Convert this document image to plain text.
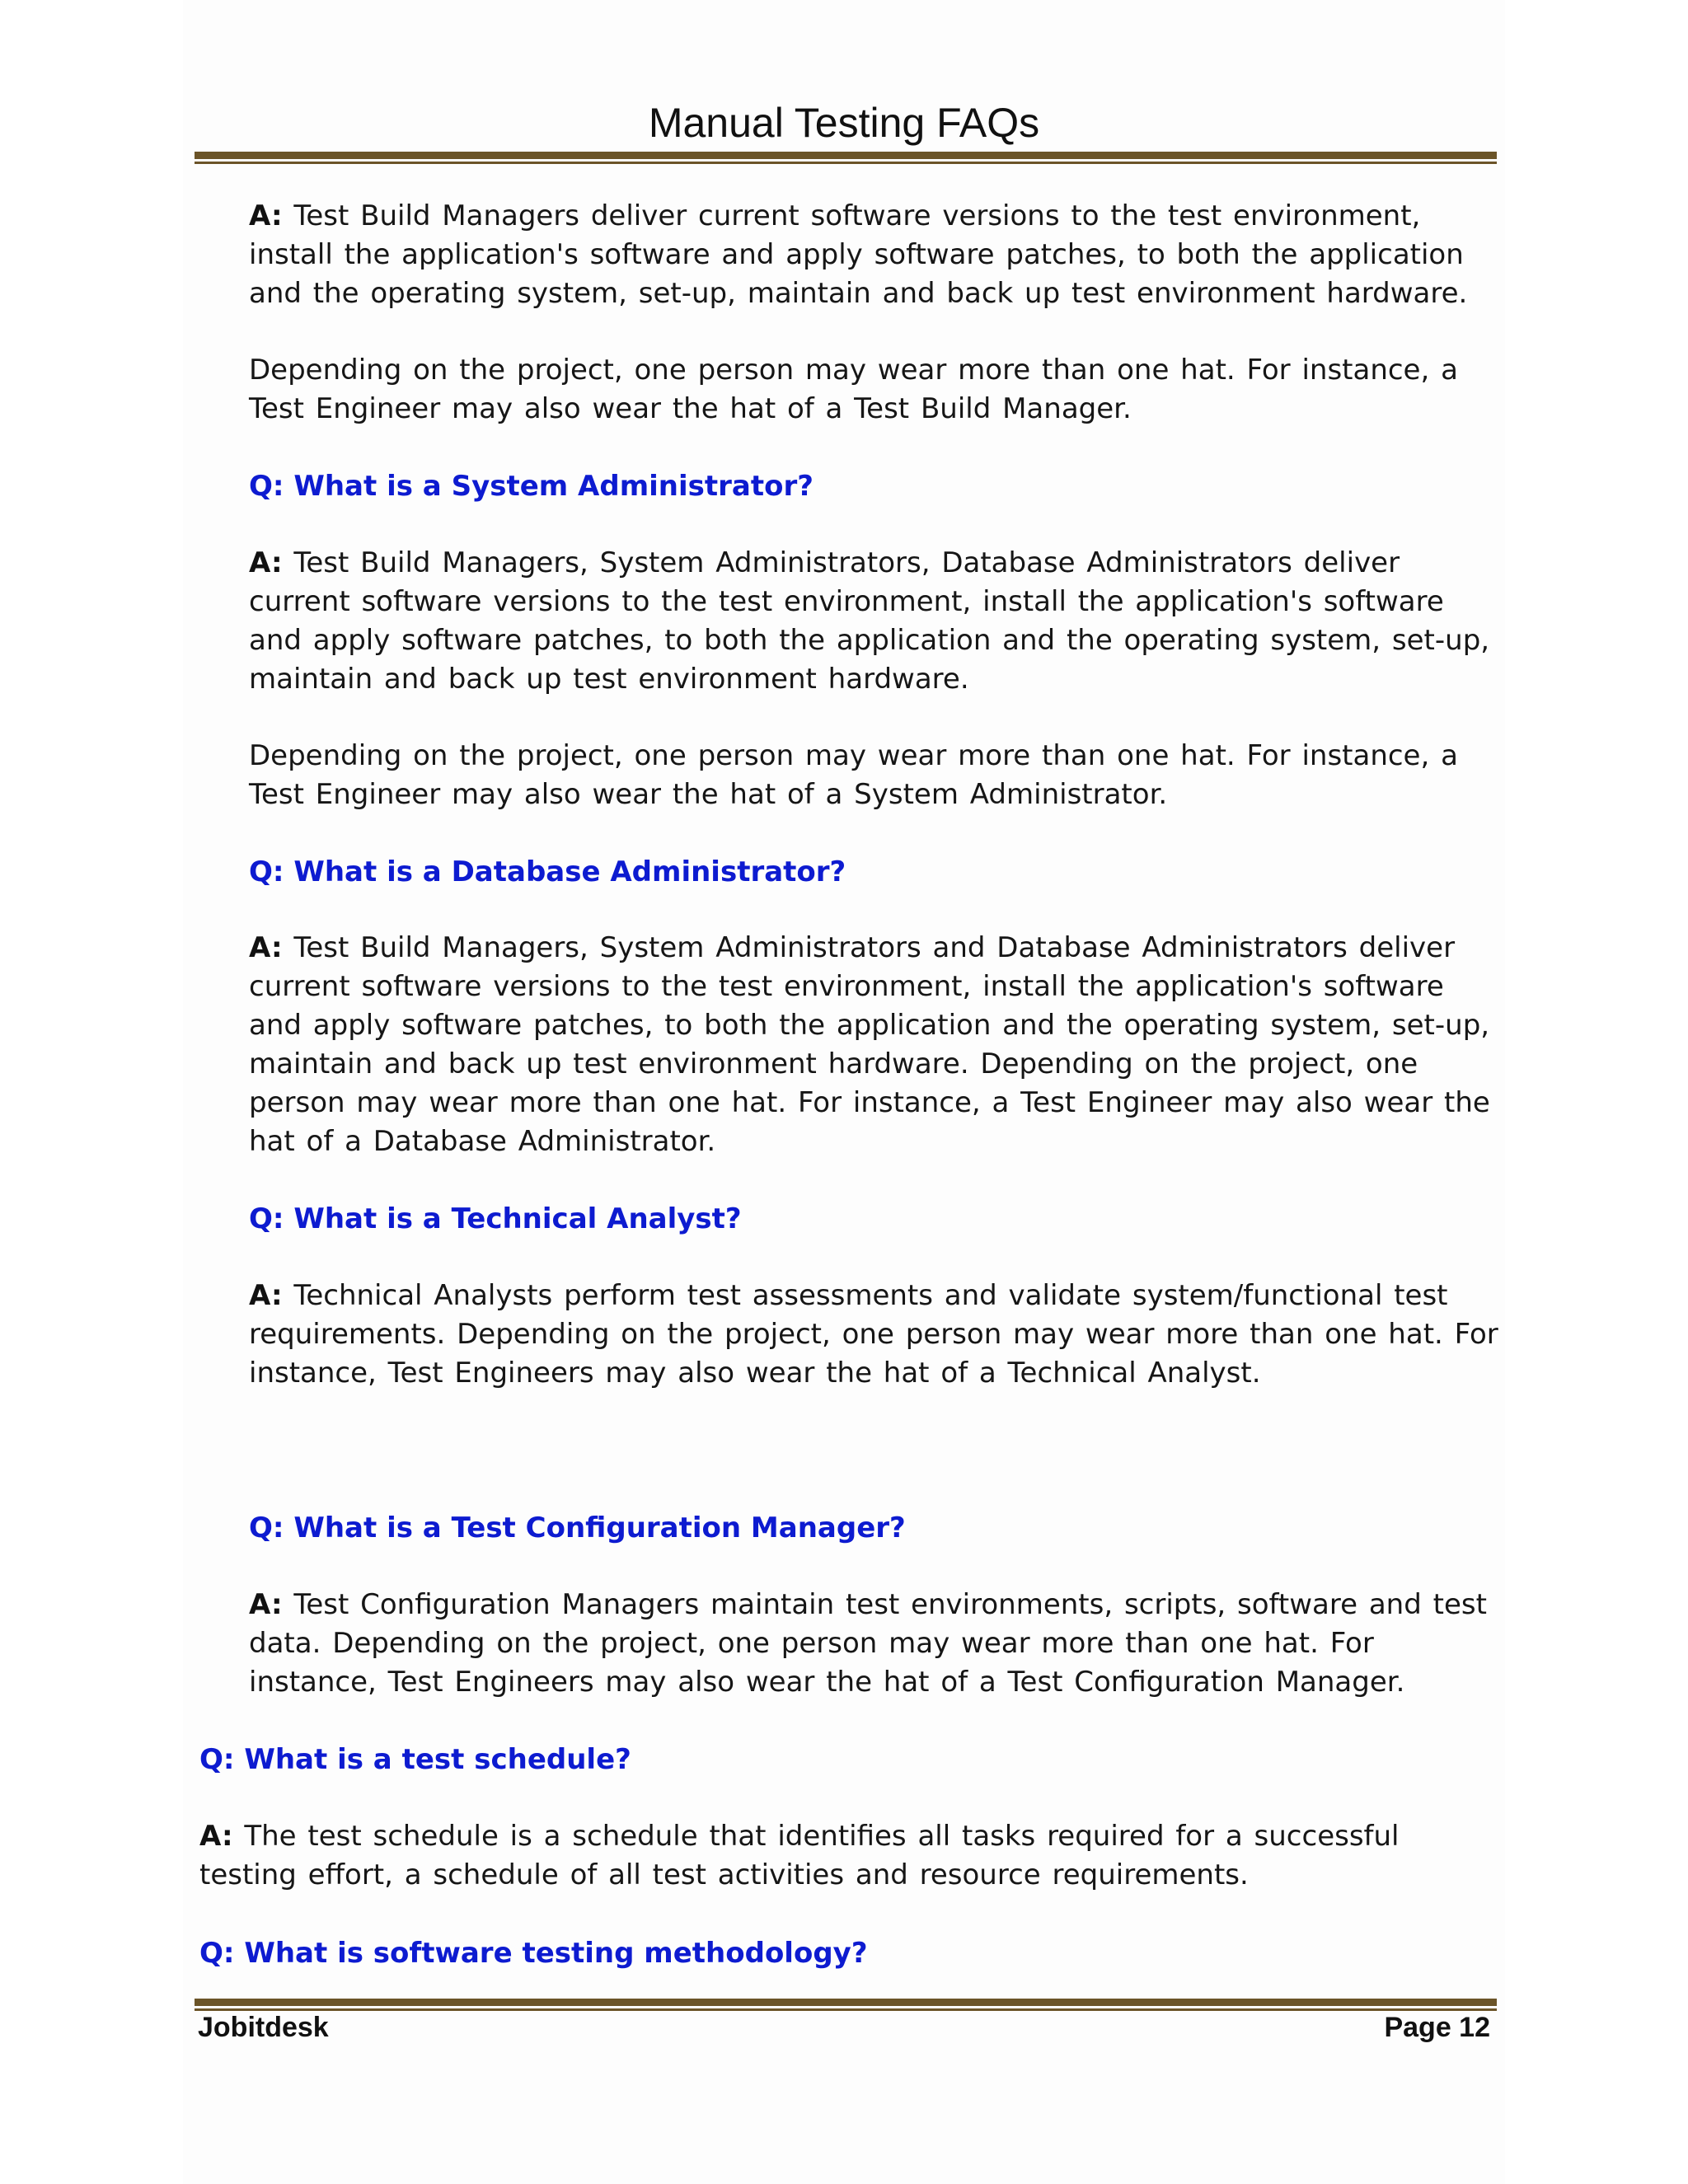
Manual Testing FAQs

A: Test Build Managers deliver current software versions to the test environment, install the application's software and apply software patches, to both the application and the operating system, set-up, maintain and back up test environment hardware.

Depending on the project, one person may wear more than one hat. For instance, a Test Engineer may also wear the hat of a Test Build Manager.

Q: What is a System Administrator?

A: Test Build Managers, System Administrators, Database Administrators deliver current software versions to the test environment, install the application's software and apply software patches, to both the application and the operating system, set-up, maintain and back up test environment hardware.

Depending on the project, one person may wear more than one hat. For instance, a Test Engineer may also wear the hat of a System Administrator.

Q: What is a Database Administrator?

A: Test Build Managers, System Administrators and Database Administrators deliver current software versions to the test environment, install the application's software and apply software patches, to both the application and the operating system, set-up, maintain and back up test environment hardware. Depending on the project, one person may wear more than one hat. For instance, a Test Engineer may also wear the hat of a Database Administrator.

Q: What is a Technical Analyst?

A: Technical Analysts perform test assessments and validate system/functional test requirements. Depending on the project, one person may wear more than one hat. For instance, Test Engineers may also wear the hat of a Technical Analyst.

Q: What is a Test Configuration Manager?

A: Test Configuration Managers maintain test environments, scripts, software and test data. Depending on the project, one person may wear more than one hat. For instance, Test Engineers may also wear the hat of a Test Configuration Manager.

Q: What is a test schedule?

A: The test schedule is a schedule that identifies all tasks required for a successful testing effort, a schedule of all test activities and resource requirements.

Q: What is software testing methodology?

Jobitdesk	Page 12
